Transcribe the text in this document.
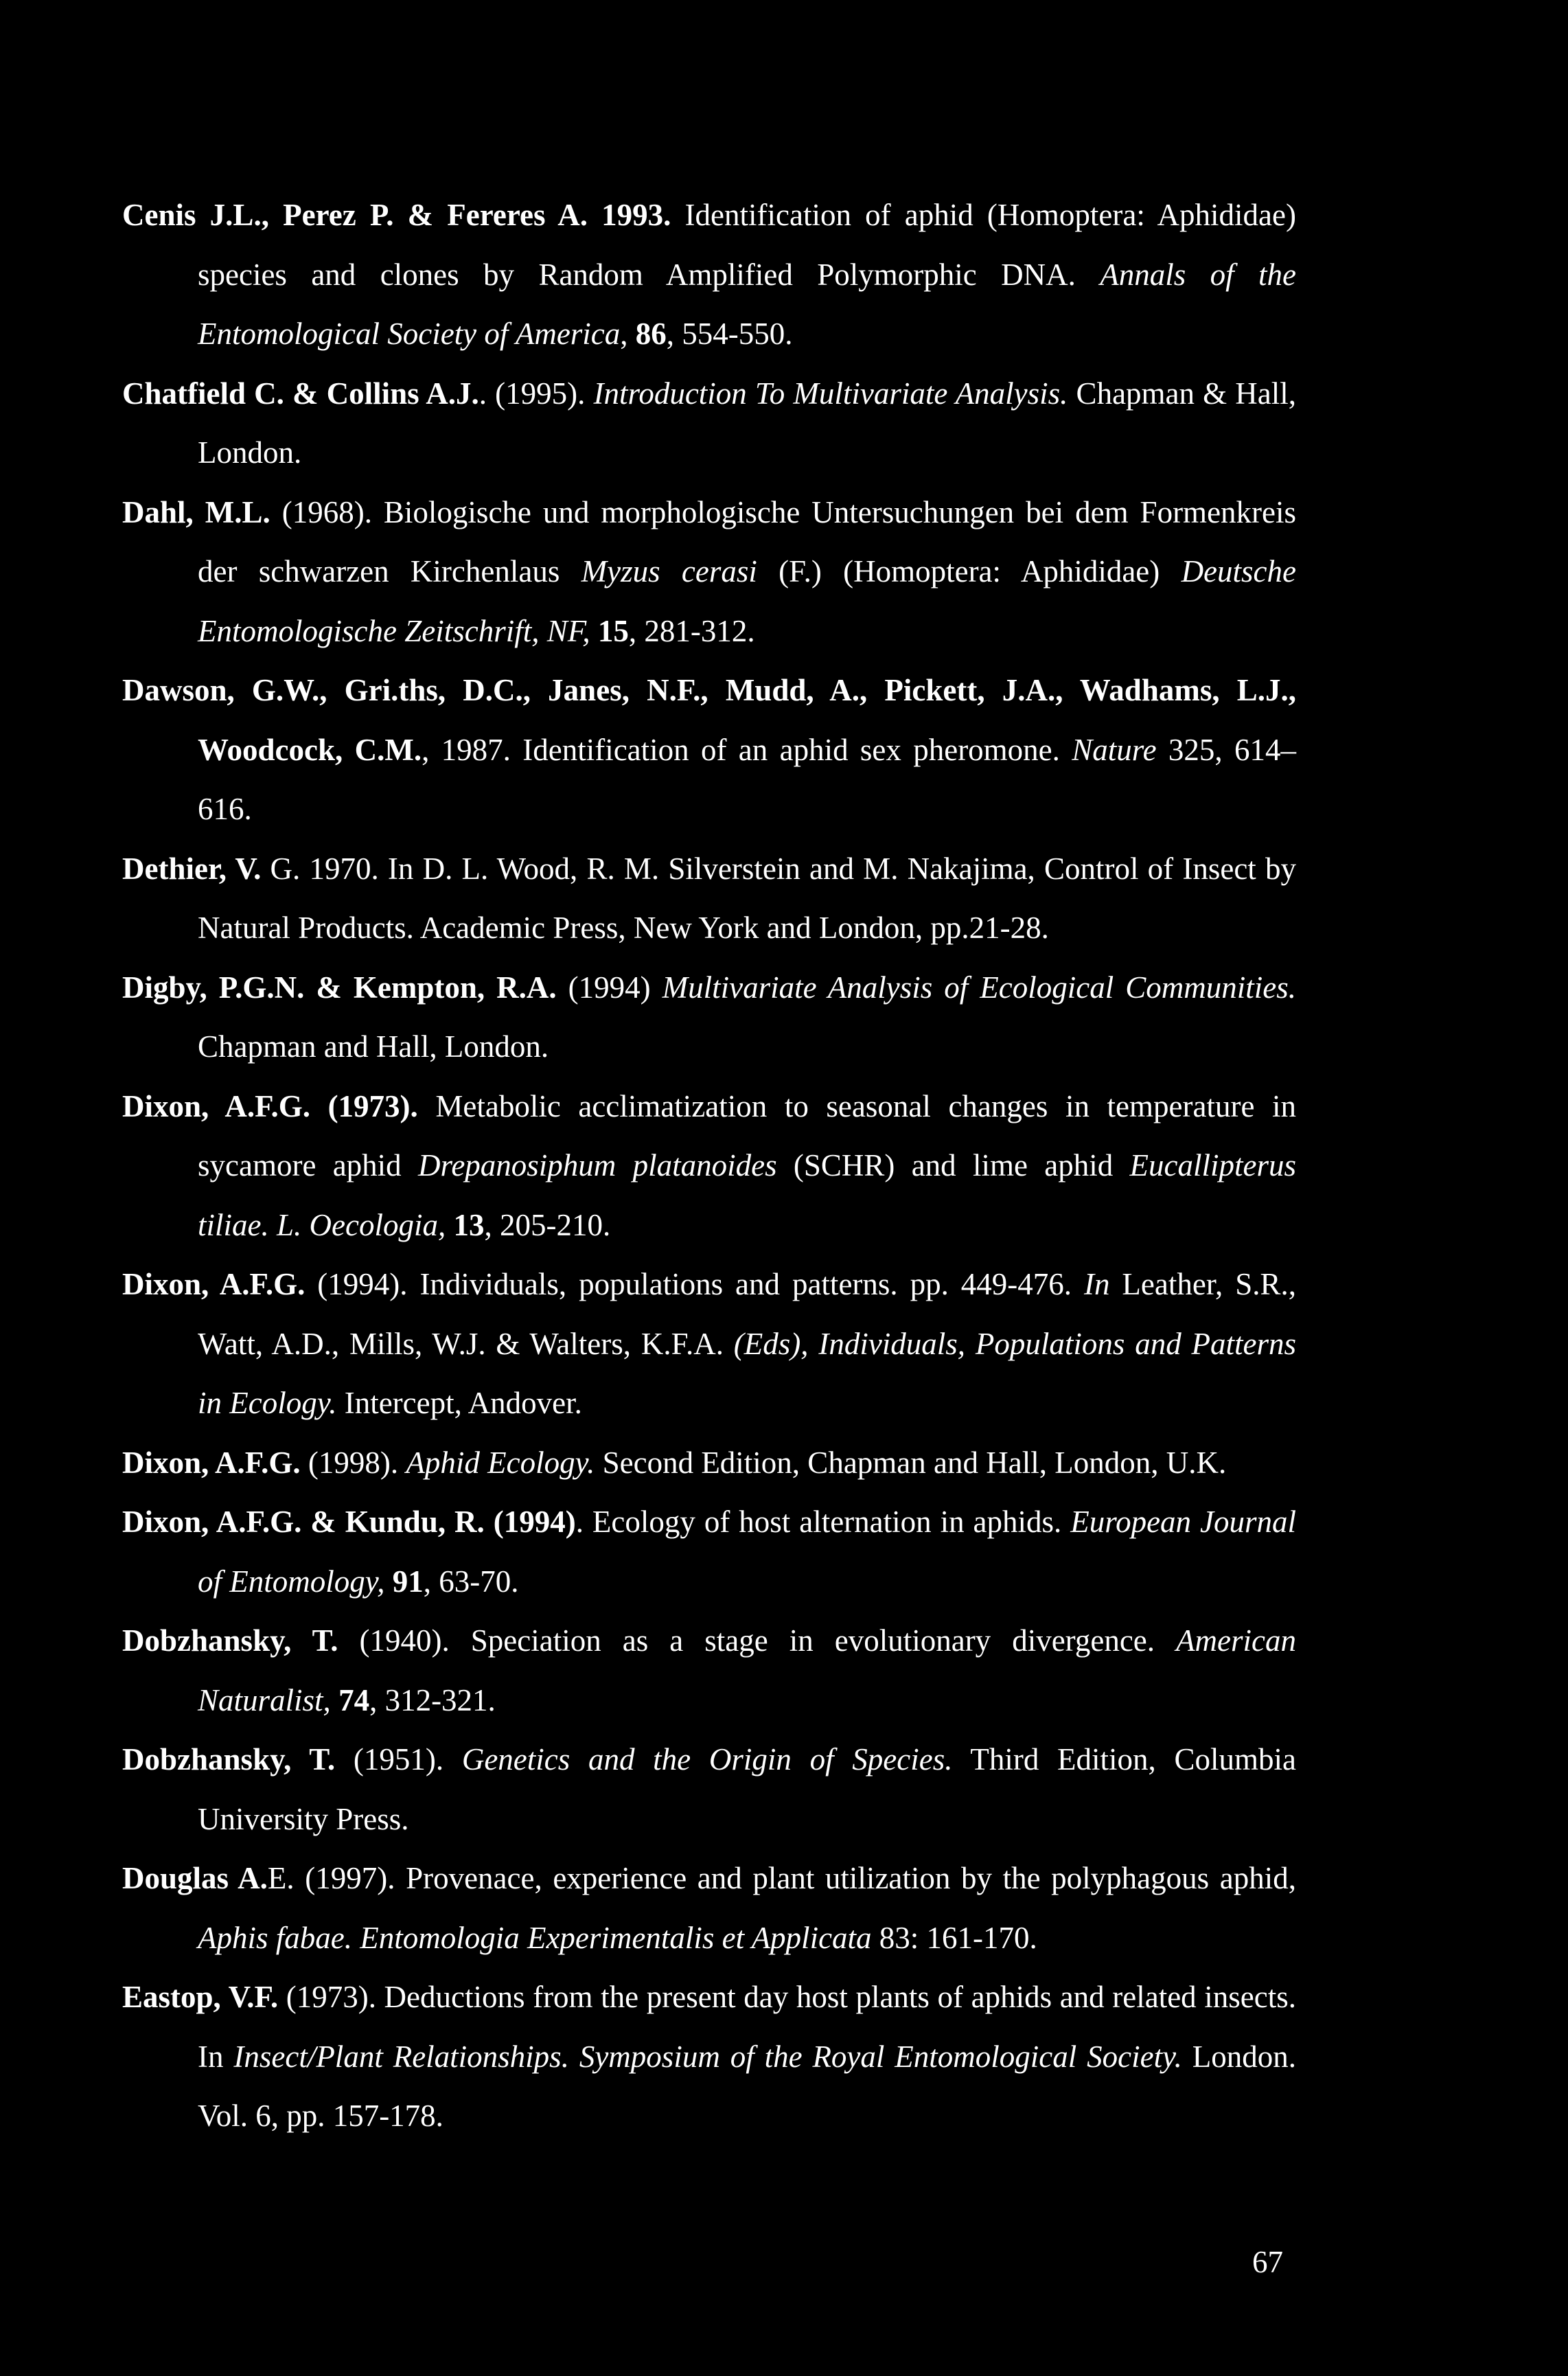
Cenis J.L., Perez P. & Fereres A. 1993. Identification of aphid (Homoptera: Aphididae) species and clones by Random Amplified Polymorphic DNA. Annals of the Entomological Society of America, 86, 554-550.

Chatfield C. & Collins A.J.. (1995). Introduction To Multivariate Analysis. Chapman & Hall, London.

Dahl, M.L. (1968). Biologische und morphologische Untersuchungen bei dem Formenkreis der schwarzen Kirchenlaus Myzus cerasi (F.) (Homoptera: Aphididae) Deutsche Entomologische Zeitschrift, NF, 15, 281-312.

Dawson, G.W., Gri.ths, D.C., Janes, N.F., Mudd, A., Pickett, J.A., Wadhams, L.J., Woodcock, C.M., 1987. Identification of an aphid sex pheromone. Nature 325, 614–616.

Dethier, V. G. 1970. In D. L. Wood, R. M. Silverstein and M. Nakajima, Control of Insect by Natural Products. Academic Press, New York and London, pp.21-28.

Digby, P.G.N. & Kempton, R.A. (1994) Multivariate Analysis of Ecological Communities. Chapman and Hall, London.

Dixon, A.F.G. (1973). Metabolic acclimatization to seasonal changes in temperature in sycamore aphid Drepanosiphum platanoides (SCHR) and lime aphid Eucallipterus tiliae. L. Oecologia, 13, 205-210.

Dixon, A.F.G. (1994). Individuals, populations and patterns. pp. 449-476. In Leather, S.R., Watt, A.D., Mills, W.J. & Walters, K.F.A. (Eds), Individuals, Populations and Patterns in Ecology. Intercept, Andover.

Dixon, A.F.G. (1998). Aphid Ecology. Second Edition, Chapman and Hall, London, U.K.

Dixon, A.F.G. & Kundu, R. (1994). Ecology of host alternation in aphids. European Journal of Entomology, 91, 63-70.

Dobzhansky, T. (1940). Speciation as a stage in evolutionary divergence. American Naturalist, 74, 312-321.

Dobzhansky, T. (1951). Genetics and the Origin of Species. Third Edition, Columbia University Press.

Douglas A.E. (1997). Provenace, experience and plant utilization by the polyphagous aphid, Aphis fabae. Entomologia Experimentalis et Applicata 83: 161-170.

Eastop, V.F. (1973). Deductions from the present day host plants of aphids and related insects. In Insect/Plant Relationships. Symposium of the Royal Entomological Society. London. Vol. 6, pp. 157-178.

67
